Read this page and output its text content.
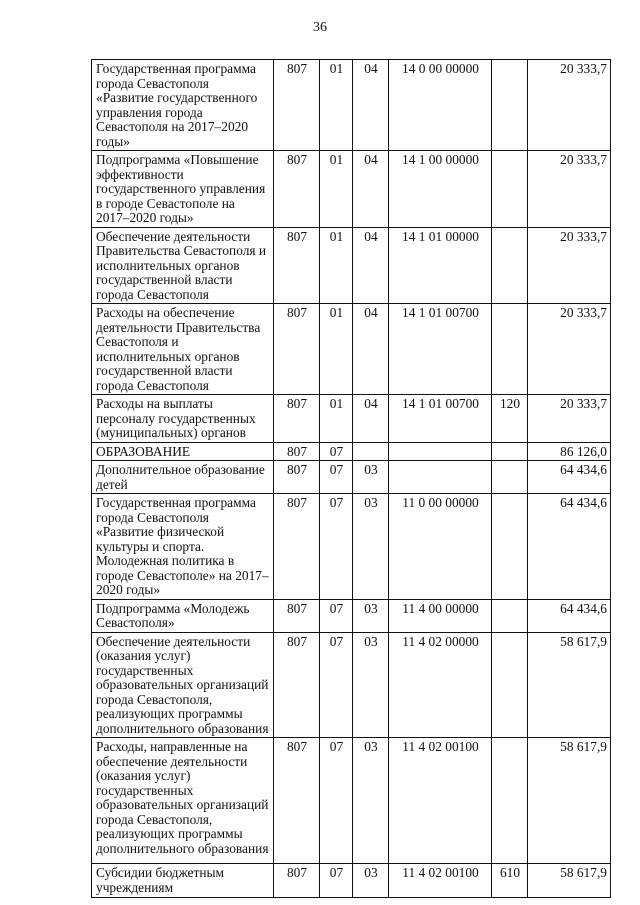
36
Государственная программа города Севастополя «Развитие государственного управления города Севастополя на 2017–2020 годы»	807	01	04	14 0 00 00000		20 333,7
Подпрограмма «Повышение эффективности государственного управления в городе Севастополе на 2017–2020 годы»	807	01	04	14 1 00 00000		20 333,7
Обеспечение деятельности Правительства Севастополя и исполнительных органов государственной власти города Севастополя	807	01	04	14 1 01 00000		20 333,7
Расходы на обеспечение деятельности Правительства Севастополя и исполнительных органов государственной власти города Севастополя	807	01	04	14 1 01 00700		20 333,7
Расходы на выплаты персоналу государственных (муниципальных) органов	807	01	04	14 1 01 00700	120	20 333,7
ОБРАЗОВАНИЕ	807	07				86 126,0
Дополнительное образование детей	807	07	03			64 434,6
Государственная программа города Севастополя «Развитие физической культуры и спорта. Молодежная политика в городе Севастополе» на 2017–2020 годы»	807	07	03	11 0 00 00000		64 434,6
Подпрограмма «Молодежь Севастополя»	807	07	03	11 4 00 00000		64 434,6
Обеспечение деятельности (оказания услуг) государственных образовательных организаций города Севастополя, реализующих программы дополнительного образования	807	07	03	11 4 02 00000		58 617,9
Расходы, направленные на обеспечение деятельности (оказания услуг) государственных образовательных организаций города Севастополя, реализующих программы дополнительного образования	807	07	03	11 4 02 00100		58 617,9
Субсидии бюджетным учреждениям	807	07	03	11 4 02 00100	610	58 617,9
